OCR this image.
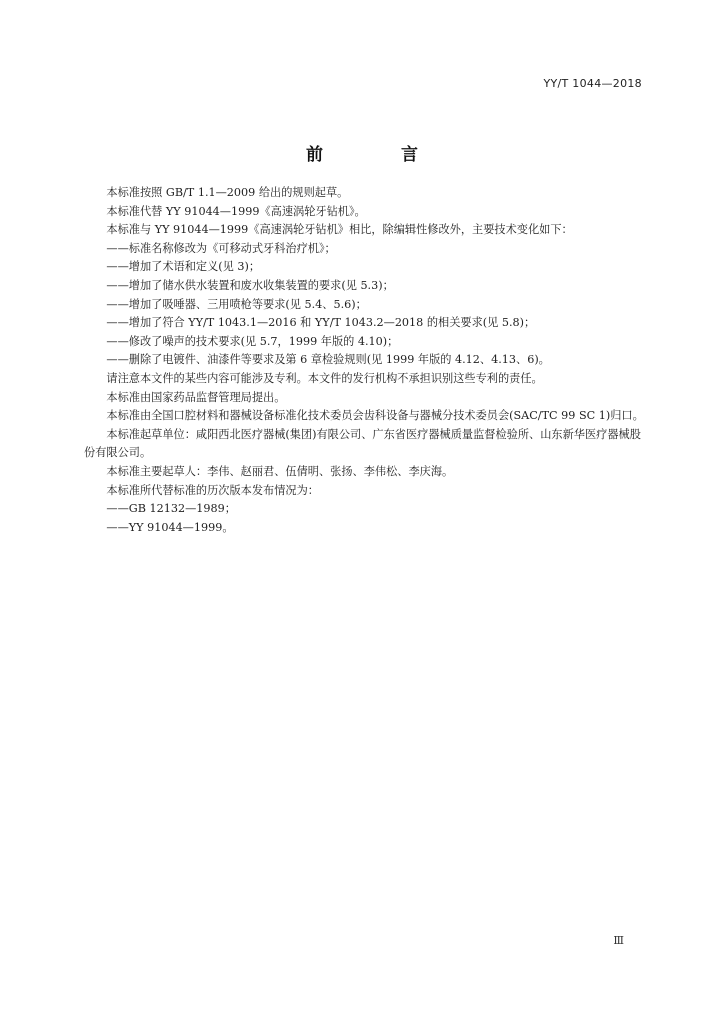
YY/T 1044—2018
前 言

本标准按照 GB/T 1.1—2009 给出的规则起草。

本标准代替 YY 91044—1999《高速涡轮牙钻机》。

本标准与 YY 91044—1999《高速涡轮牙钻机》相比，除编辑性修改外，主要技术变化如下：

——标准名称修改为《可移动式牙科治疗机》；

——增加了术语和定义(见 3)；

——增加了储水供水装置和废水收集装置的要求(见 5.3)；

——增加了吸唾器、三用喷枪等要求(见 5.4、5.6)；

——增加了符合 YY/T 1043.1—2016 和 YY/T 1043.2—2018 的相关要求(见 5.8)；

——修改了噪声的技术要求(见 5.7，1999 年版的 4.10)；

——删除了电镀件、油漆件等要求及第 6 章检验规则(见 1999 年版的 4.12、4.13、6)。

请注意本文件的某些内容可能涉及专利。本文件的发行机构不承担识别这些专利的责任。

本标准由国家药品监督管理局提出。

本标准由全国口腔材料和器械设备标准化技术委员会齿科设备与器械分技术委员会(SAC/TC 99 SC 1)归口。

本标准起草单位：咸阳西北医疗器械(集团)有限公司、广东省医疗器械质量监督检验所、山东新华医疗器械股份有限公司。

本标准主要起草人：李伟、赵丽君、伍倩明、张扬、李伟松、李庆海。

本标准所代替标准的历次版本发布情况为：

——GB 12132—1989；

——YY 91044—1999。

Ⅲ
